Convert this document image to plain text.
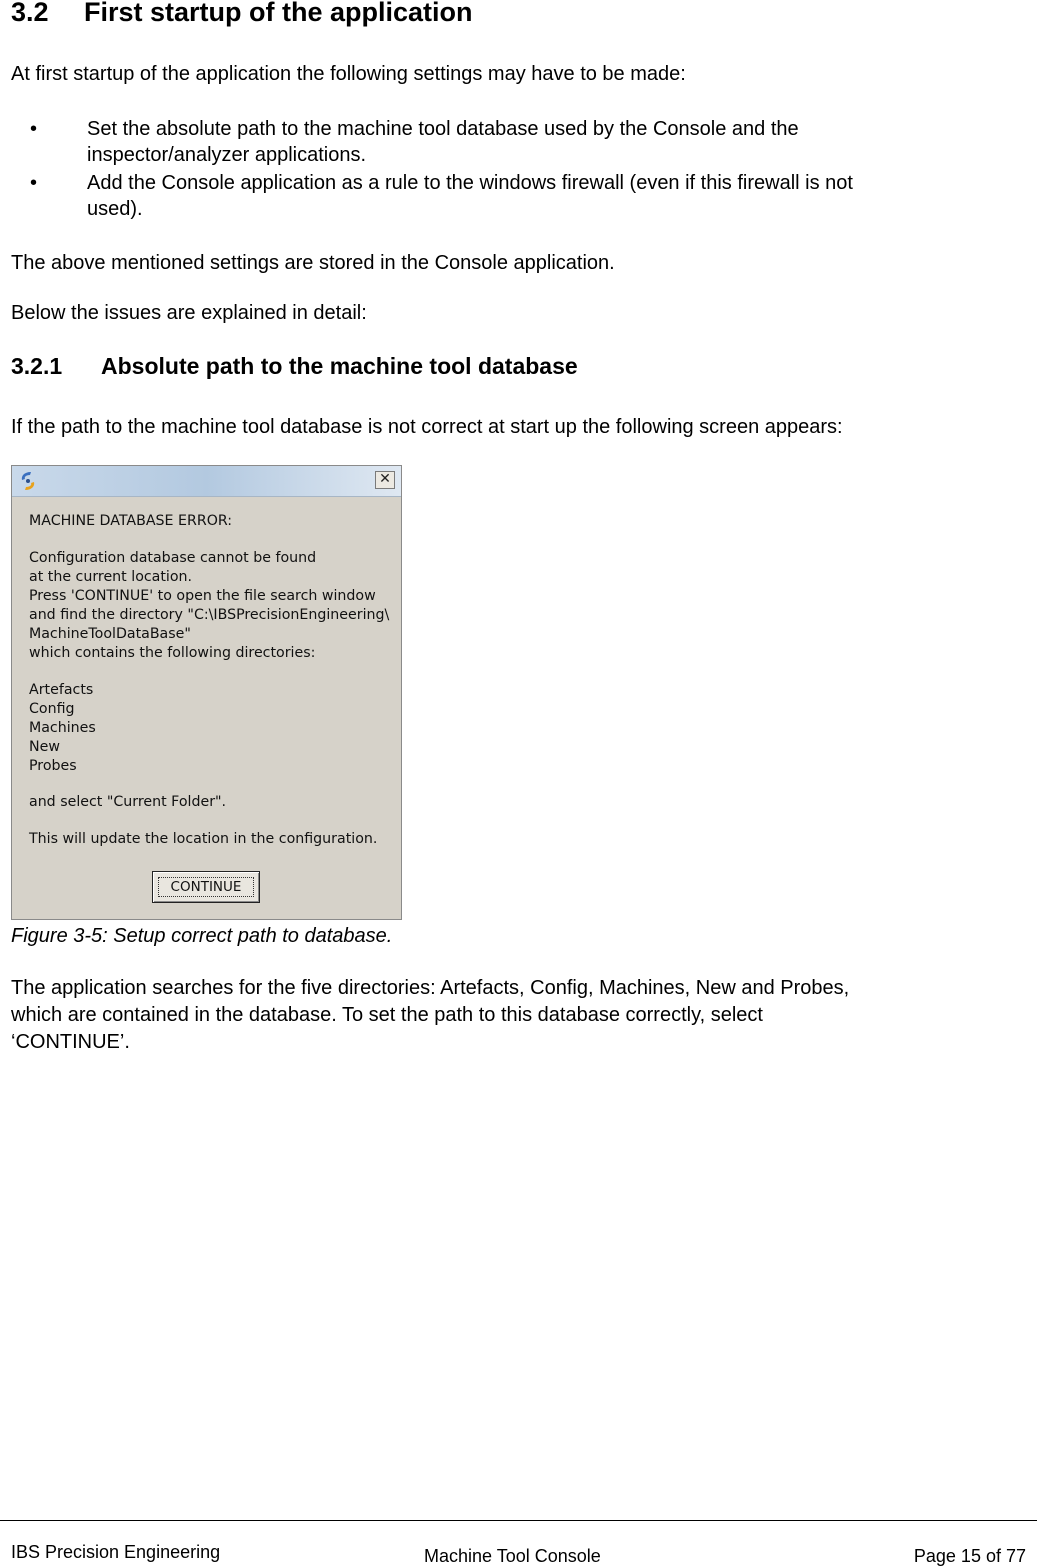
3.2 First startup of the application

At first startup of the application the following settings may have to be made:

•	Set the absolute path to the machine tool database used by the Console and the
inspector/analyzer applications.
•	Add the Console application as a rule to the windows firewall (even if this firewall is not
used).

The above mentioned settings are stored in the Console application.

Below the issues are explained in detail:

3.2.1 Absolute path to the machine tool database

If the path to the machine tool database is not correct at start up the following screen appears:

✕
MACHINE DATABASE ERROR:
Configuration database cannot be found
at the current location.
Press 'CONTINUE' to open the file search window
and find the directory "C:\IBSPrecisionEngineering\
MachineToolDataBase"
which contains the following directories:
Artefacts
Config
Machines
New
Probes
and select "Current Folder".
This will update the location in the configuration.
CONTINUE

Figure 3-5: Setup correct path to database.

The application searches for the five directories: Artefacts, Config, Machines, New and Probes,
which are contained in the database. To set the path to this database correctly, select
‘CONTINUE’.
IBS Precision Engineering	Machine Tool Console	Page 15 of 77
